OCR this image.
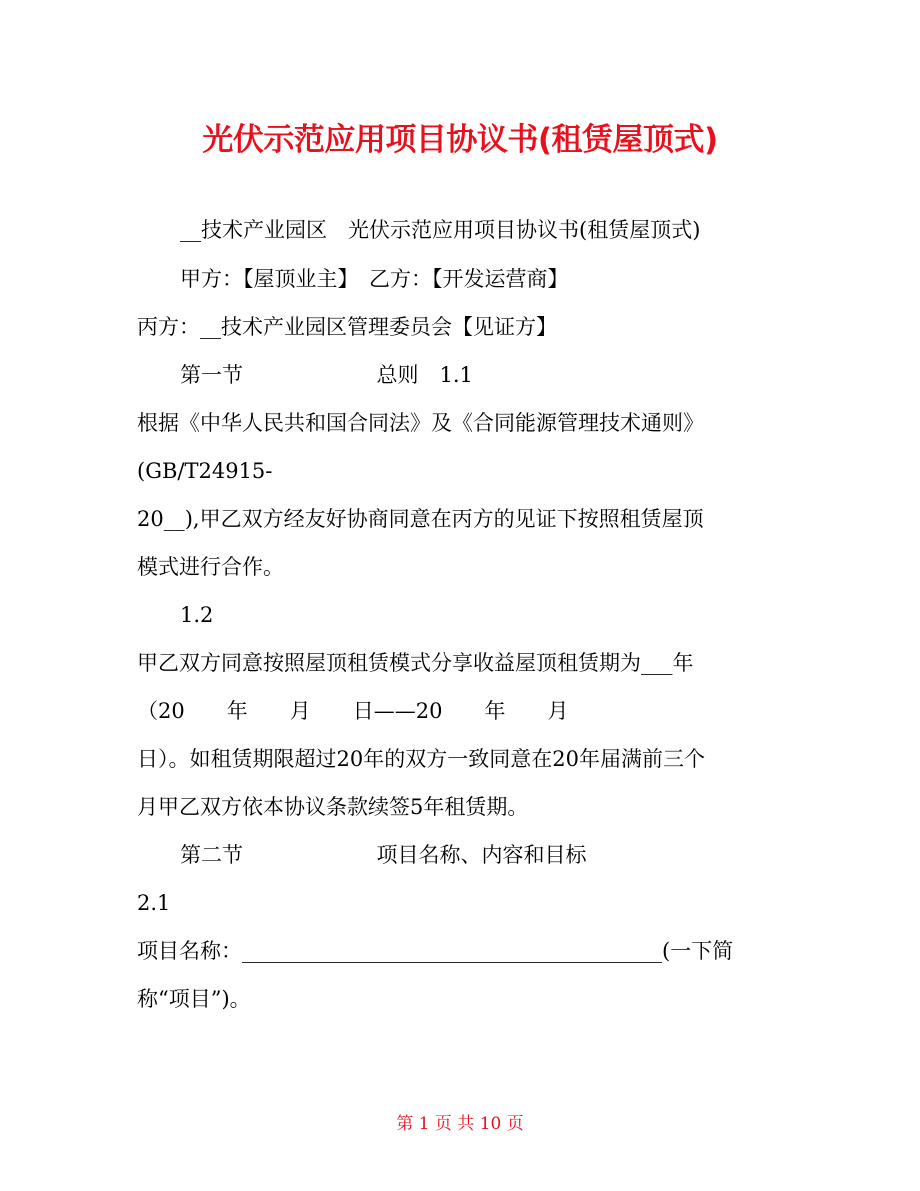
光伏示范应用项目协议书(租赁屋顶式)
__技术产业园区　光伏示范应用项目协议书(租赁屋顶式)
甲方：【屋顶业主】　乙方：【开发运营商】
丙方：__技术产业园区管理委员会【见证方】
第一节                    总则　1.1
根据《中华人民共和国合同法》及《合同能源管理技术通则》
(GB/T24915-
20__),甲乙双方经友好协商同意在丙方的见证下按照租赁屋顶
模式进行合作。
1.2
甲乙双方同意按照屋顶租赁模式分享收益屋顶租赁期为___年
（20　　年　　月　　日——20　　年　　月
日）。如租赁期限超过20年的双方一致同意在20年届满前三个
月甲乙双方依本协议条款续签5年租赁期。
第二节                    项目名称、内容和目标
2.1
项目名称：________________________________________(一下简
称“项目”)。
第 1 页 共 10 页
